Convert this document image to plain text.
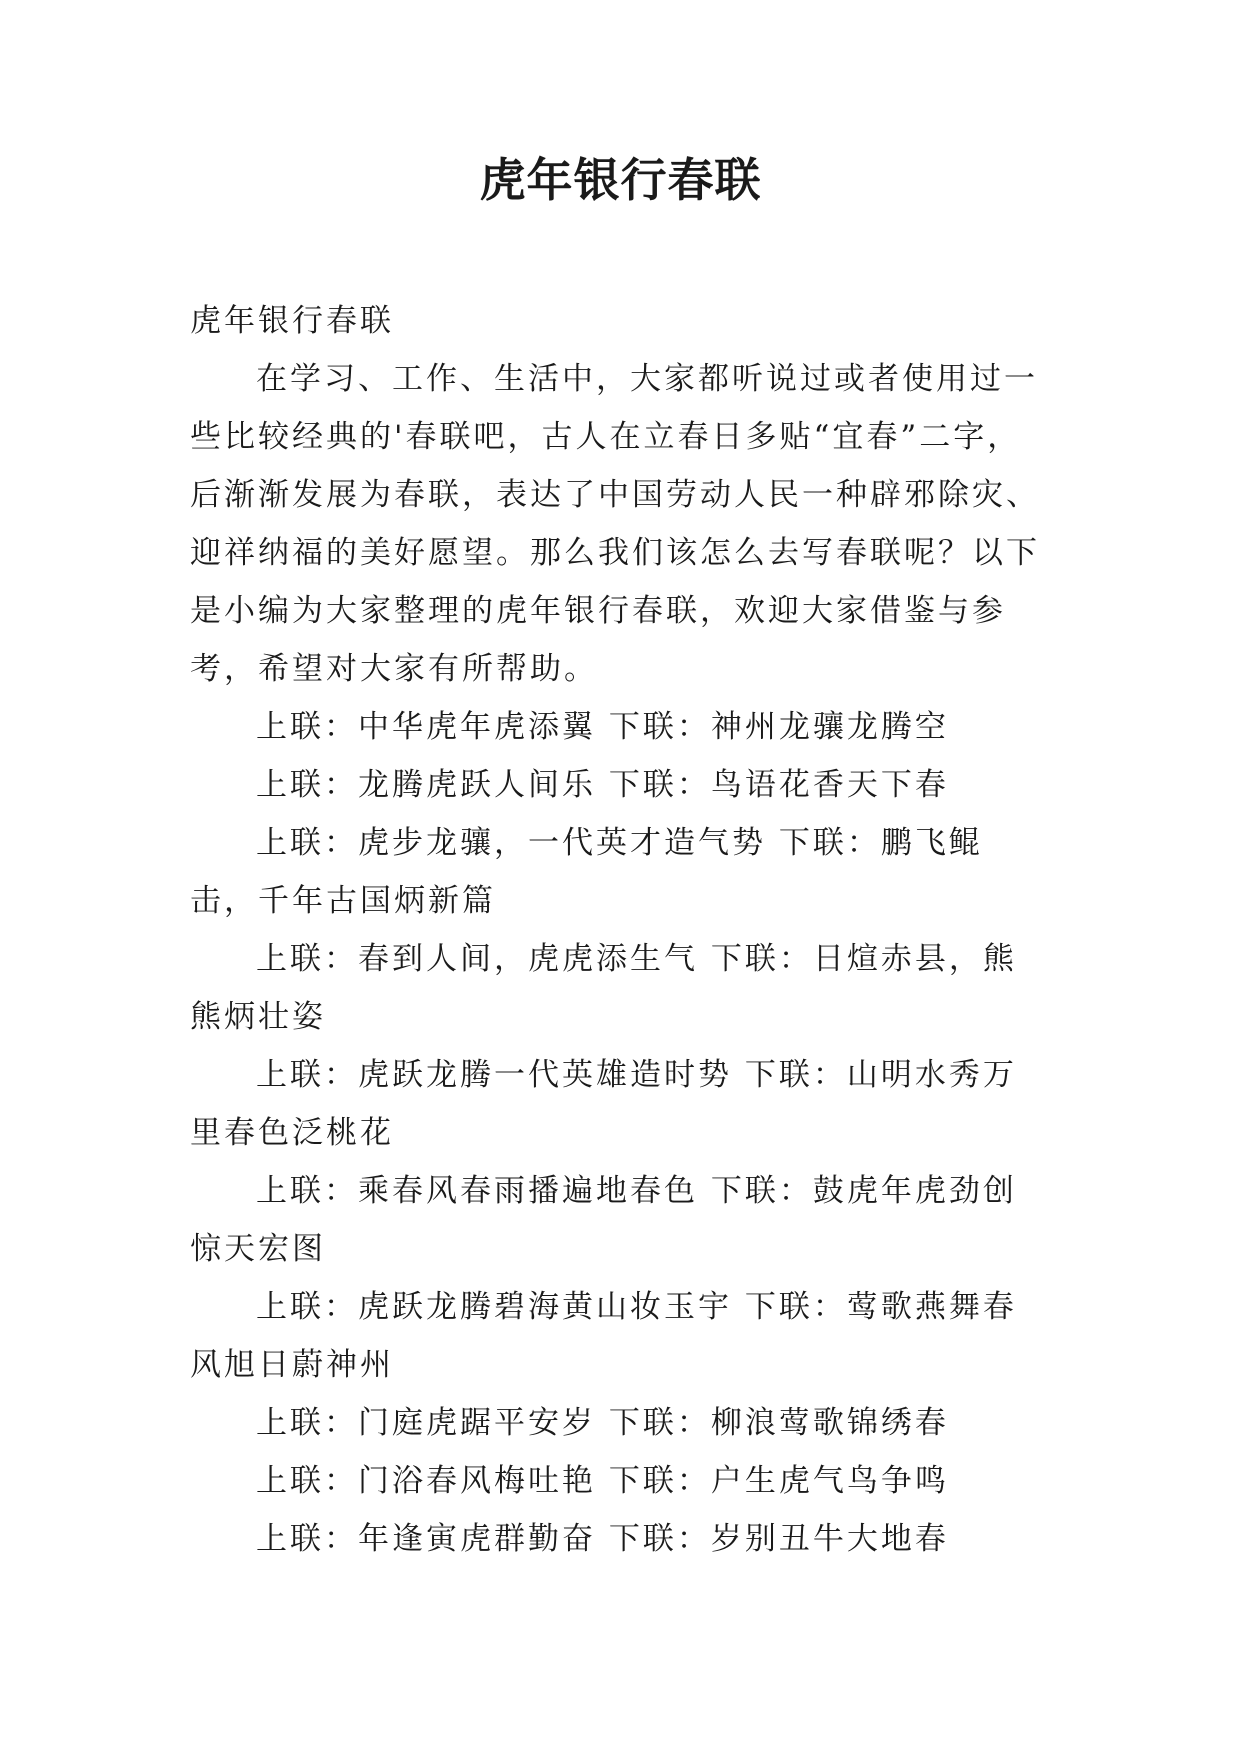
虎年银行春联

虎年银行春联

在学习、工作、生活中，大家都听说过或者使用过一些比较经典的'春联吧，古人在立春日多贴“宜春”二字，后渐渐发展为春联，表达了中国劳动人民一种辟邪除灾、迎祥纳福的美好愿望。那么我们该怎么去写春联呢？以下是小编为大家整理的虎年银行春联，欢迎大家借鉴与参考，希望对大家有所帮助。

上联：中华虎年虎添翼 下联：神州龙骧龙腾空

上联：龙腾虎跃人间乐 下联：鸟语花香天下春

上联：虎步龙骧，一代英才造气势 下联：鹏飞鲲击，千年古国炳新篇

上联：春到人间，虎虎添生气 下联：日煊赤县，熊熊炳壮姿

上联：虎跃龙腾一代英雄造时势 下联：山明水秀万里春色泛桃花

上联：乘春风春雨播遍地春色 下联：鼓虎年虎劲创惊天宏图

上联：虎跃龙腾碧海黄山妆玉宇 下联：莺歌燕舞春风旭日蔚神州

上联：门庭虎踞平安岁 下联：柳浪莺歌锦绣春

上联：门浴春风梅吐艳 下联：户生虎气鸟争鸣

上联：年逢寅虎群勤奋 下联：岁别丑牛大地春
